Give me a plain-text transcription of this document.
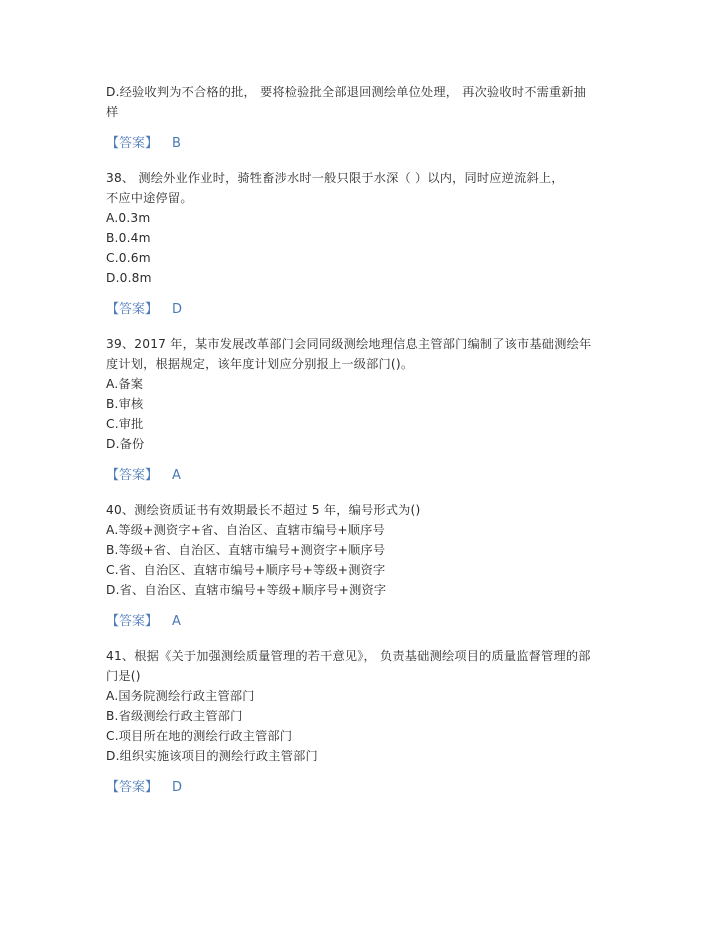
D.经验收判为不合格的批， 要将检验批全部退回测绘单位处理， 再次验收时不需重新抽
样
【答案】 B
38、 测绘外业作业时，骑牲畜涉水时一般只限于水深（ ）以内，同时应逆流斜上，
不应中途停留。
A.0.3m
B.0.4m
C.0.6m
D.0.8m
【答案】 D
39、2017 年，某市发展改革部门会同同级测绘地理信息主管部门编制了该市基础测绘年
度计划，根据规定，该年度计划应分别报上一级部门()。
A.备案
B.审核
C.审批
D.备份
【答案】 A
40、测绘资质证书有效期最长不超过 5 年，编号形式为()
A.等级+测资字+省、自治区、直辖市编号+顺序号
B.等级+省、自治区、直辖市编号+测资字+顺序号
C.省、自治区、直辖市编号+顺序号+等级+测资字
D.省、自治区、直辖市编号+等级+顺序号+测资字
【答案】 A
41、根据《关于加强测绘质量管理的若干意见》， 负责基础测绘项目的质量监督管理的部
门是()
A.国务院测绘行政主管部门
B.省级测绘行政主管部门
C.项目所在地的测绘行政主管部门
D.组织实施该项目的测绘行政主管部门
【答案】 D
